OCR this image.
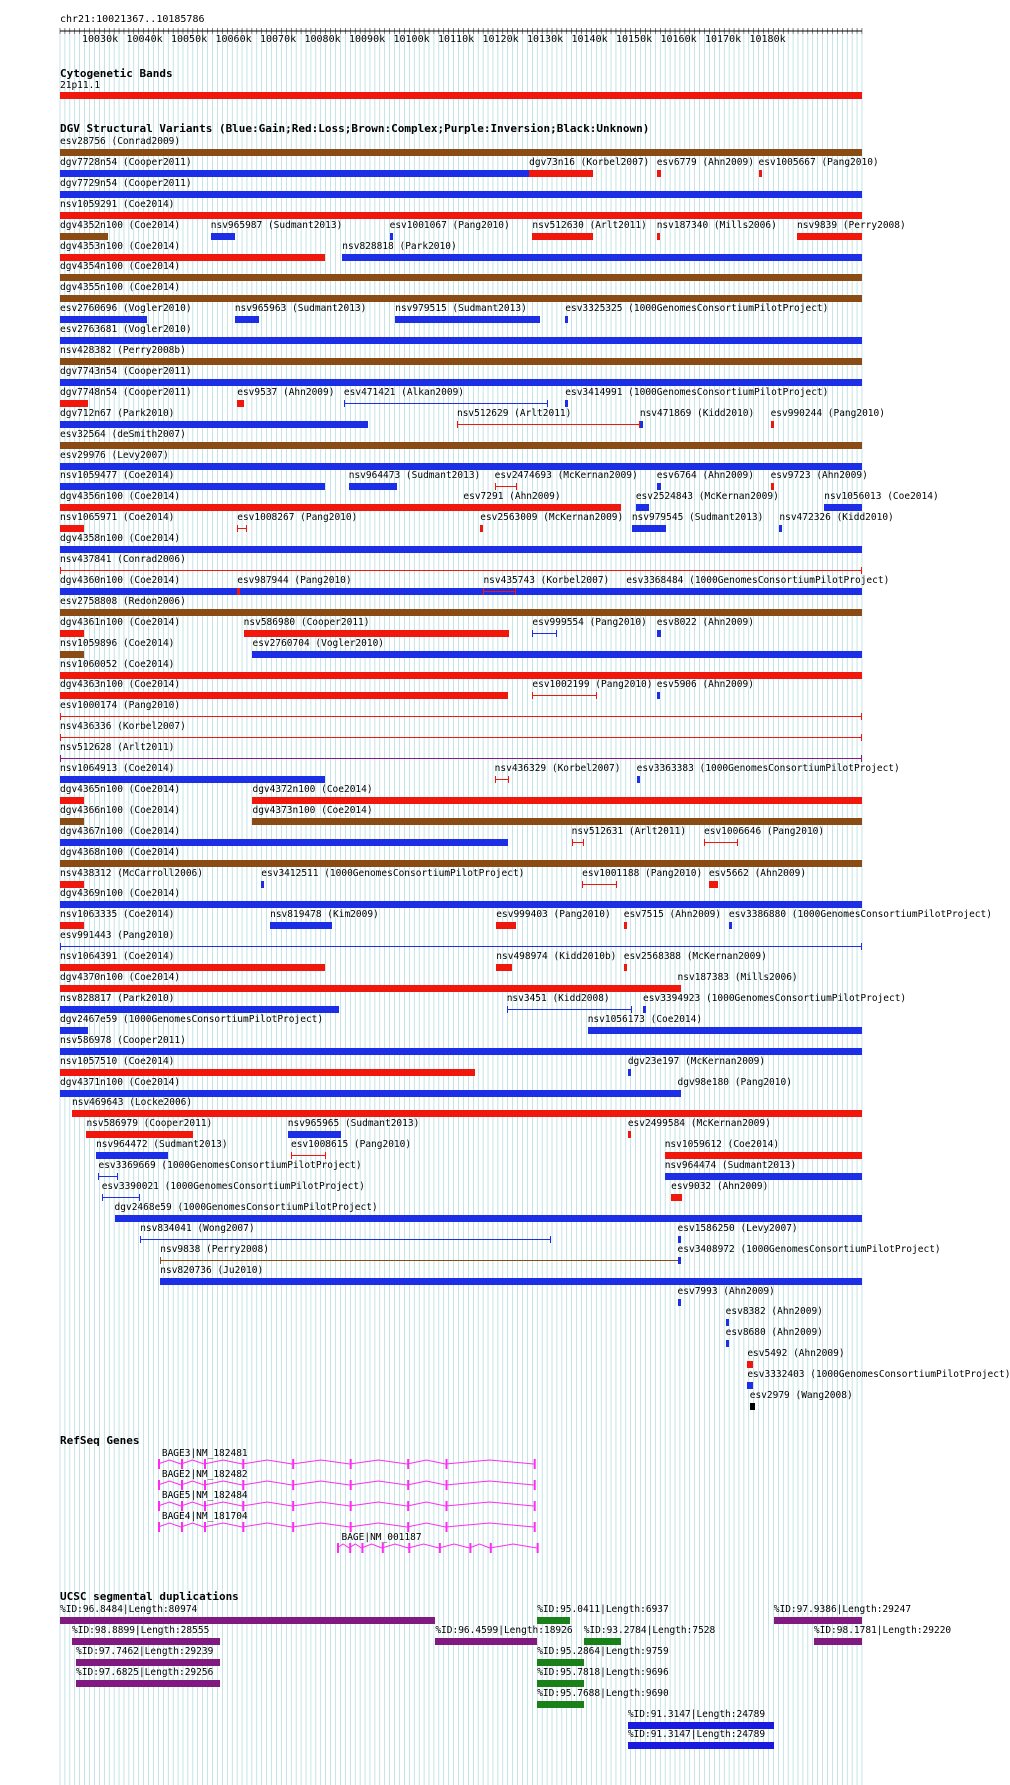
chr21:10021367..10185786
10030k 10040k 10050k 10060k 10070k 10080k 10090k 10100k 10110k 10120k 10130k 10140k 10150k 10160k 10170k 10180k
Cytogenetic Bands
21p11.1
DGV Structural Variants (Blue:Gain;Red:Loss;Brown:Complex;Purple:Inversion;Black:Unknown)
esv28756 (Conrad2009)
dgv7728n54 (Cooper2011)	dgv73n16 (Korbel2007) esv6779 (Ahn2009) esv1005667 (Pang2010)
dgv7729n54 (Cooper2011)
nsv1059291 (Coe2014)
dgv4352n100 (Coe2014)	nsv965987 (Sudmant2013)	esv1001067 (Pang2010) nsv512630 (Arlt2011) nsv187340 (Mills2006) nsv9839 (Perry2008)
dgv4353n100 (Coe2014)	nsv828818 (Park2010)
dgv4354n100 (Coe2014)
dgv4355n100 (Coe2014)
esv2760696 (Vogler2010)	nsv965963 (Sudmant2013)	nsv979515 (Sudmant2013)	esv3325325 (1000GenomesConsortiumPilotProject)
esv2763681 (Vogler2010)
nsv428382 (Perry2008b)
dgv7743n54 (Cooper2011)
dgv7748n54 (Cooper2011)	esv9537 (Ahn2009) esv471421 (Alkan2009)	esv3414991 (1000GenomesConsortiumPilotProject)
dgv712n67 (Park2010)	nsv512629 (Arlt2011)	nsv471869 (Kidd2010) esv990244 (Pang2010)
esv32564 (deSmith2007)
esv29976 (Levy2007)
nsv1059477 (Coe2014)	nsv964473 (Sudmant2013) esv2474693 (McKernan2009) esv6764 (Ahn2009) esv9723 (Ahn2009)
dgv4356n100 (Coe2014)	esv7291 (Ahn2009)	esv2524843 (McKernan2009)	nsv1056013 (Coe2014)
nsv1065971 (Coe2014)	esv1008267 (Pang2010)	esv2563009 (McKernan2009) nsv979545 (Sudmant2013) nsv472326 (Kidd2010)
dgv4358n100 (Coe2014)
nsv437841 (Conrad2006)
dgv4360n100 (Coe2014)	esv987944 (Pang2010)	nsv435743 (Korbel2007) esv3368484 (1000GenomesConsortiumPilotProject)
esv2758808 (Redon2006)
dgv4361n100 (Coe2014)	nsv586980 (Cooper2011)	esv999554 (Pang2010) esv8022 (Ahn2009)
nsv1059896 (Coe2014)	esv2760704 (Vogler2010)
nsv1060052 (Coe2014)
dgv4363n100 (Coe2014)	esv1002199 (Pang2010) esv5906 (Ahn2009)
esv1000174 (Pang2010)
nsv436336 (Korbel2007)
nsv512628 (Arlt2011)
nsv1064913 (Coe2014)	nsv436329 (Korbel2007) esv3363383 (1000GenomesConsortiumPilotProject)
dgv4365n100 (Coe2014)	dgv4372n100 (Coe2014)
dgv4366n100 (Coe2014)	dgv4373n100 (Coe2014)
dgv4367n100 (Coe2014)	nsv512631 (Arlt2011) esv1006646 (Pang2010)
dgv4368n100 (Coe2014)
nsv438312 (McCarroll2006)	esv3412511 (1000GenomesConsortiumPilotProject)	esv1001188 (Pang2010) esv5662 (Ahn2009)
dgv4369n100 (Coe2014)
nsv1063335 (Coe2014)	nsv819478 (Kim2009)	esv999403 (Pang2010) esv7515 (Ahn2009) esv3386880 (1000GenomesConsortiumPilotProject)
esv991443 (Pang2010)
nsv1064391 (Coe2014)	nsv498974 (Kidd2010b) esv2568388 (McKernan2009)
dgv4370n100 (Coe2014)	nsv187383 (Mills2006)
nsv828817 (Park2010)	nsv3451 (Kidd2008)	esv3394923 (1000GenomesConsortiumPilotProject)
dgv2467e59 (1000GenomesConsortiumPilotProject)	nsv1056173 (Coe2014)
nsv586978 (Cooper2011)
nsv1057510 (Coe2014)	dgv23e197 (McKernan2009)
dgv4371n100 (Coe2014)	dgv98e180 (Pang2010)
nsv469643 (Locke2006)
nsv586979 (Cooper2011)	nsv965965 (Sudmant2013)	esv2499584 (McKernan2009)
nsv964472 (Sudmant2013)	esv1008615 (Pang2010)	nsv1059612 (Coe2014)
esv3369669 (1000GenomesConsortiumPilotProject)	nsv964474 (Sudmant2013)
esv3390021 (1000GenomesConsortiumPilotProject)	esv9032 (Ahn2009)
dgv2468e59 (1000GenomesConsortiumPilotProject)
nsv834041 (Wong2007)	esv1586250 (Levy2007)
nsv9838 (Perry2008)	esv3408972 (1000GenomesConsortiumPilotProject)
nsv820736 (Ju2010)
esv7993 (Ahn2009)
esv8382 (Ahn2009)
esv8680 (Ahn2009)
esv5492 (Ahn2009)
esv3332403 (1000GenomesConsortiumPilotProject)
esv2979 (Wang2008)
RefSeq Genes
BAGE3|NM_182481
BAGE2|NM_182482
BAGE5|NM_182484
BAGE4|NM_181704
BAGE|NM_001187
UCSC segmental duplications
%ID:96.8484|Length:80974	%ID:95.0411|Length:6937	%ID:97.9386|Length:29247
%ID:98.8899|Length:28555	%ID:96.4599|Length:18926 %ID:93.2784|Length:7528	%ID:98.1781|Length:29220
%ID:97.7462|Length:29239	%ID:95.2864|Length:9759
%ID:97.6825|Length:29256	%ID:95.7818|Length:9696
%ID:95.7688|Length:9690
%ID:91.3147|Length:24789
%ID:91.3147|Length:24789
